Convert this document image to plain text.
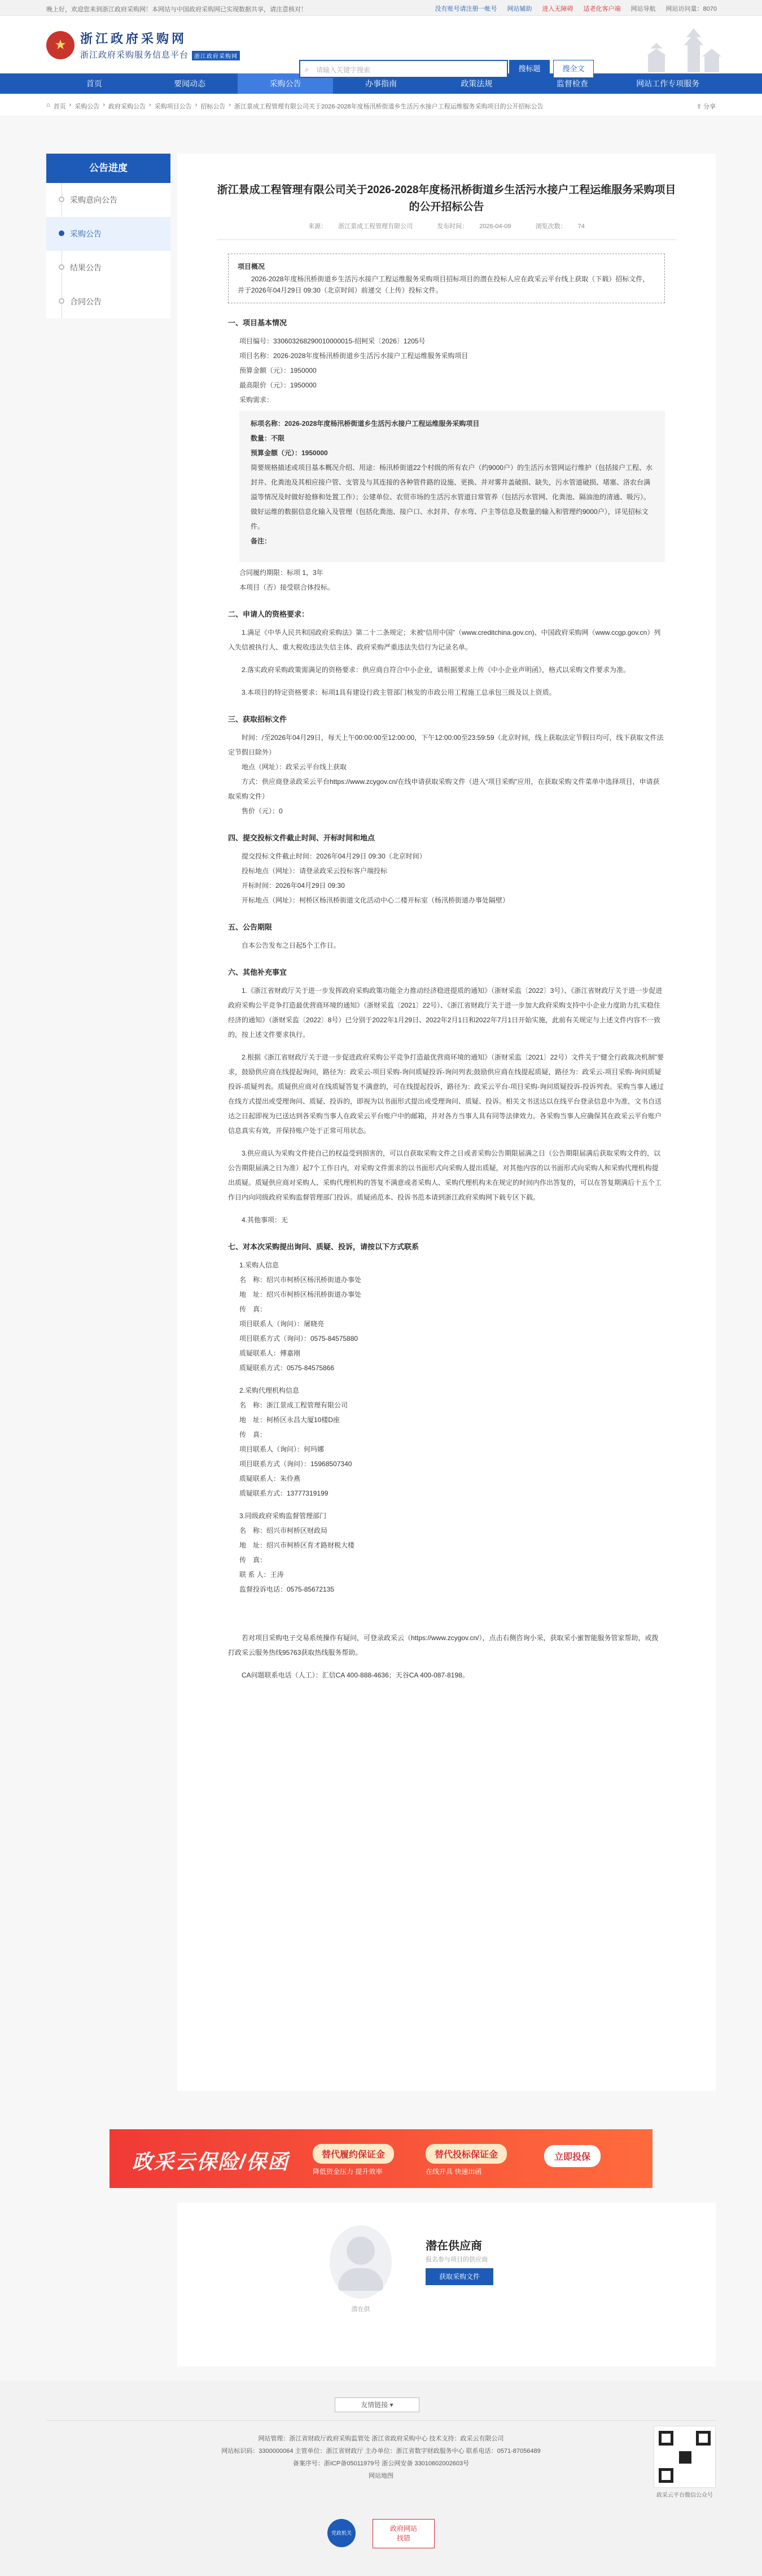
晚上好，欢迎您来到浙江政府采购网！本网站与中国政府采购网已实现数据共享，请注意核对！	没有账号请注册一帐号 网站辅助 进入无障碍 适老化客户端 网站导航 网站访问量：8070
★	浙江政府采购网
浙江政府采购服务信息平台 浙江政府采购网
⌕ 请输入关键字搜索	搜标题	搜全文
首页	要闻动态	采购公告	办事指南	政策法规	监督检查	网站工作专项服务
⌂ 首页 › 采购公告 › 政府采购公告 › 采购项目公告 › 招标公告 › 浙江景成工程管理有限公司关于2026-2028年度杨汛桥街道乡生活污水接户工程运维服务采购项目的公开招标公告	⇪ 分享
公告进度
采购意向公告
采购公告
结果公告
合同公告
浙江景成工程管理有限公司关于2026-2028年度杨汛桥街道乡生活污水接户工程运维服务采购项目的公开招标公告
来源： 浙江景成工程管理有限公司	发布时间： 2026-04-09	浏览次数： 74
项目概况
2026-2028年度杨汛桥街道乡生活污水接户工程运维服务采购项目招标项目的潜在投标人应在政采云平台线上获取（下载）招标文件，并于2026年04月29日 09:30（北京时间）前递交（上传）投标文件。
一、项目基本情况
项目编号：330603268290010000015-绍柯采〔2026〕1205号
项目名称：2026-2028年度杨汛桥街道乡生活污水接户工程运维服务采购项目
预算金额（元）：1950000
最高限价（元）：1950000
采购需求：
标项名称：2026-2028年度杨汛桥街道乡生活污水接户工程运维服务采购项目
数量：不限
预算金额（元）：1950000
简要规格描述或项目基本概况介绍、用途：杨汛桥街道22个村级的所有农户（约9000户）的生活污水管网运行维护（包括接户工程、水封井、化粪池及其相应接户管、支管及与其连接的各种管件路的设施、更换、并对雾井盖破损、缺失，污水管道破损、堵塞、洛农台满溢等情况及时做好抢修和处置工作）；公建单位、农贸市场的生活污水管道日常管养（包括污水管网、化粪池、隔油池的清通、吸污）。做好运维的数据信息化输入及管理（包括化粪池、接户口、水封井、存水弯、户主等信息及数量的输入和管理约9000户），详见招标文件。
备注：
合同履约期限：标项 1，3年
本项目（否）接受联合体投标。
二、申请人的资格要求：
1.满足《中华人民共和国政府采购法》第二十二条规定；未被“信用中国”（www.creditchina.gov.cn)、中国政府采购网（www.ccgp.gov.cn）列入失信被执行人、重大税收违法失信主体、政府采购严重违法失信行为记录名单。
2.落实政府采购政策需满足的资格要求：供应商自符合中小企业，请根据要求上传《中小企业声明函》，格式以采购文件要求为准。
3.本项目的特定资格要求：标项1具有建设行政主管部门核发的市政公用工程施工总承包三级及以上资质。
三、获取招标文件
时间：/至2026年04月29日，每天上午00:00:00至12:00:00，下午12:00:00至23:59:59（北京时间，线上获取法定节假日均可，线下获取文件法定节假日除外）
地点（网址）：政采云平台线上获取
方式：供应商登录政采云平台https://www.zcygov.cn/在线申请获取采购文件（进入“项目采购”应用，在获取采购文件菜单中选择项目，申请获取采购文件）
售价（元）：0
四、提交投标文件截止时间、开标时间和地点
提交投标文件截止时间：2026年04月29日 09:30（北京时间）
投标地点（网址）：请登录政采云投标客户端投标
开标时间：2026年04月29日 09:30
开标地点（网址）：柯桥区杨汛桥街道文化活动中心二楼开标室（杨汛桥街道办事处隔壁）
五、公告期限
自本公告发布之日起5个工作日。
六、其他补充事宜
1.《浙江省财政厅关于进一步发挥政府采购政策功能全力推动经济稳进提质的通知》（浙财采监〔2022〕3号）、《浙江省财政厅关于进一步促进政府采购公平竞争打造最优营商环境的通知》（浙财采监〔2021〕22号）、《浙江省财政厅关于进一步加大政府采购支持中小企业力度助力扎实稳住经济的通知》（浙财采监〔2022〕8号）已分别于2022年1月29日、2022年2月1日和2022年7月1日开始实施，此前有关规定与上述文件内容不一致的，按上述文件要求执行。
2.根据《浙江省财政厅关于进一步促进政府采购公平竞争打造最优营商环境的通知》（浙财采监〔2021〕22号）文件关于“健全行政裁决机制”要求，鼓励供应商在线提起询问，路径为：政采云-项目采购-询问质疑投诉-询问列表;鼓励供应商在线提起质疑，路径为：政采云-项目采购-询问质疑投诉-质疑列表。质疑供应商对在线质疑答复不满意的，可在线提起投诉，路径为：政采云平台-项目采购-询问质疑投诉-投诉列表。采购当事人通过在线方式提出或受理询问、质疑、投诉的，即视为以书面形式提出或受理询问、质疑、投诉。相关文书送达以在线平台登录信息中为准，文书自送达之日起即视为已送达到各采购当事人在政采云平台账户中的邮箱，并对各方当事人具有同等法律效力。各采购当事人应确保其在政采云平台账户信息真实有效，并保持账户处于正常可用状态。
3.供应商认为采购文件使自己的权益受到损害的，可以自获取采购文件之日或者采购公告期限届满之日（公告期限届满后获取采购文件的，以公告期限届满之日为准）起7个工作日内，对采购文件需求的以书面形式向采购人提出质疑，对其他内容的以书面形式向采购人和采购代理机构提出质疑。质疑供应商对采购人、采购代理机构的答复不满意或者采购人、采购代理机构未在规定的时间内作出答复的，可以在答复期满后十五个工作日内向同级政府采购监督管理部门投诉。质疑函范本、投诉书范本请到浙江政府采购网下载专区下载。
4.其他事项：无
七、对本次采购提出询问、质疑、投诉，请按以下方式联系
1.采购人信息
名　称：绍兴市柯桥区杨汛桥街道办事处
地　址：绍兴市柯桥区杨汛桥街道办事处
传　真：
项目联系人（询问）：屠晓亮
项目联系方式（询问）：0575-84575880
质疑联系人：傅嘉刚
质疑联系方式：0575-84575866
2.采购代理机构信息
名　称：浙江景成工程管理有限公司
地　址：柯桥区永昌大厦10楼D座
传　真：
项目联系人（询问）：何玛娜
项目联系方式（询问）：15968507340
质疑联系人：朱伶燕
质疑联系方式：13777319199
3.同级政府采购监督管理部门
名　称：绍兴市柯桥区财政局
地　址：绍兴市柯桥区育才路财税大楼
传　真：
联 系 人：王涛
监督投诉电话：0575-85672135
若对项目采购电子交易系统操作有疑问，可登录政采云（https://www.zcygov.cn/），点击右侧咨询小采，获取采小蜜智能服务管家帮助，或拨打政采云服务热线95763获取热线服务帮助。
CA问题联系电话（人工）：汇信CA 400-888-4636；天谷CA 400-087-8198。
政采云保险/保函	替代履约保证金
降低资金压力 提升效率
替代投标保证金
在线开具 快速出函
立即投保
潜在供
潜在供应商
报名参与项目的供应商
获取采购文件
友情链接 ▾
网站管理：浙江省财政厅政府采购监管处 浙江省政府采购中心 技术支持：政采云有限公司
网站标识码：3300000064 主管单位：浙江省财政厅 主办单位：浙江省数字财政服务中心 联系电话：0571-87056489
备案序号：浙ICP备05011979号 浙公网安备 33010602002603号
网站地图
政采云平台微信公众号
党政机关
政府网站
找错
